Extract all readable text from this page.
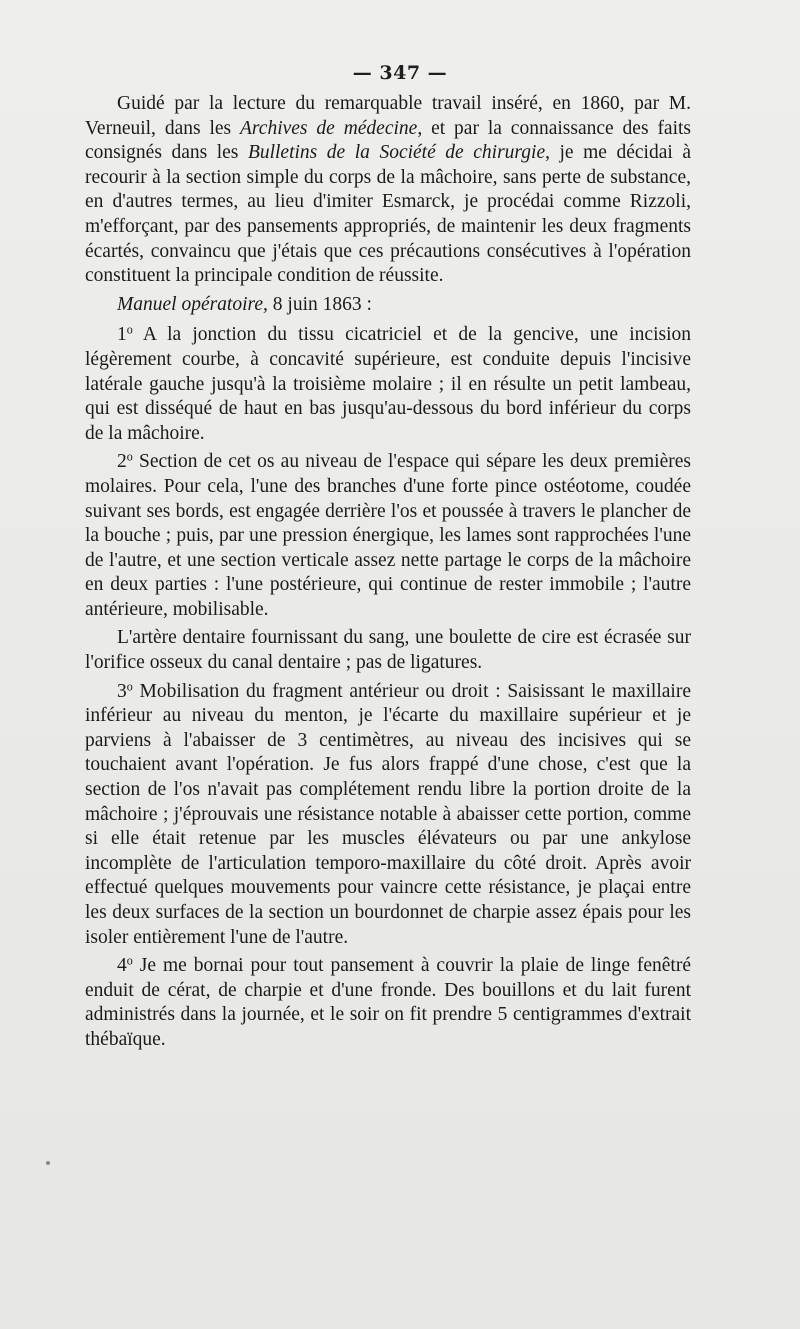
— 347 —

Guidé par la lecture du remarquable travail inséré, en 1860, par M. Verneuil, dans les Archives de médecine, et par la connaissance des faits consignés dans les Bulletins de la Société de chirurgie, je me décidai à recourir à la section simple du corps de la mâchoire, sans perte de substance, en d'autres termes, au lieu d'imiter Esmarck, je procédai comme Rizzoli, m'efforçant, par des pansements appropriés, de maintenir les deux fragments écartés, convaincu que j'étais que ces précautions consécutives à l'opération constituent la principale condition de réussite.

Manuel opératoire, 8 juin 1863 :

1$^o$ A la jonction du tissu cicatriciel et de la gencive, une incision légèrement courbe, à concavité supérieure, est conduite depuis l'incisive latérale gauche jusqu'à la troisième molaire ; il en résulte un petit lambeau, qui est disséqué de haut en bas jusqu'au-dessous du bord inférieur du corps de la mâchoire.

2$^o$ Section de cet os au niveau de l'espace qui sépare les deux premières molaires. Pour cela, l'une des branches d'une forte pince ostéotome, coudée suivant ses bords, est engagée derrière l'os et poussée à travers le plancher de la bouche ; puis, par une pression énergique, les lames sont rapprochées l'une de l'autre, et une section verticale assez nette partage le corps de la mâchoire en deux parties : l'une postérieure, qui continue de rester immobile ; l'autre antérieure, mobilisable.

L'artère dentaire fournissant du sang, une boulette de cire est écrasée sur l'orifice osseux du canal dentaire ; pas de ligatures.

3$^o$ Mobilisation du fragment antérieur ou droit : Saisissant le maxillaire inférieur au niveau du menton, je l'écarte du maxillaire supérieur et je parviens à l'abaisser de 3 centimètres, au niveau des incisives qui se touchaient avant l'opération. Je fus alors frappé d'une chose, c'est que la section de l'os n'avait pas complétement rendu libre la portion droite de la mâchoire ; j'éprouvais une résistance notable à abaisser cette portion, comme si elle était retenue par les muscles élévateurs ou par une ankylose incomplète de l'articulation temporo-maxillaire du côté droit. Après avoir effectué quelques mouvements pour vaincre cette résistance, je plaçai entre les deux surfaces de la section un bourdonnet de charpie assez épais pour les isoler entièrement l'une de l'autre.

4$^o$ Je me bornai pour tout pansement à couvrir la plaie de linge fenêtré enduit de cérat, de charpie et d'une fronde. Des bouillons et du lait furent administrés dans la journée, et le soir on fit prendre 5 centigrammes d'extrait thébaïque.
